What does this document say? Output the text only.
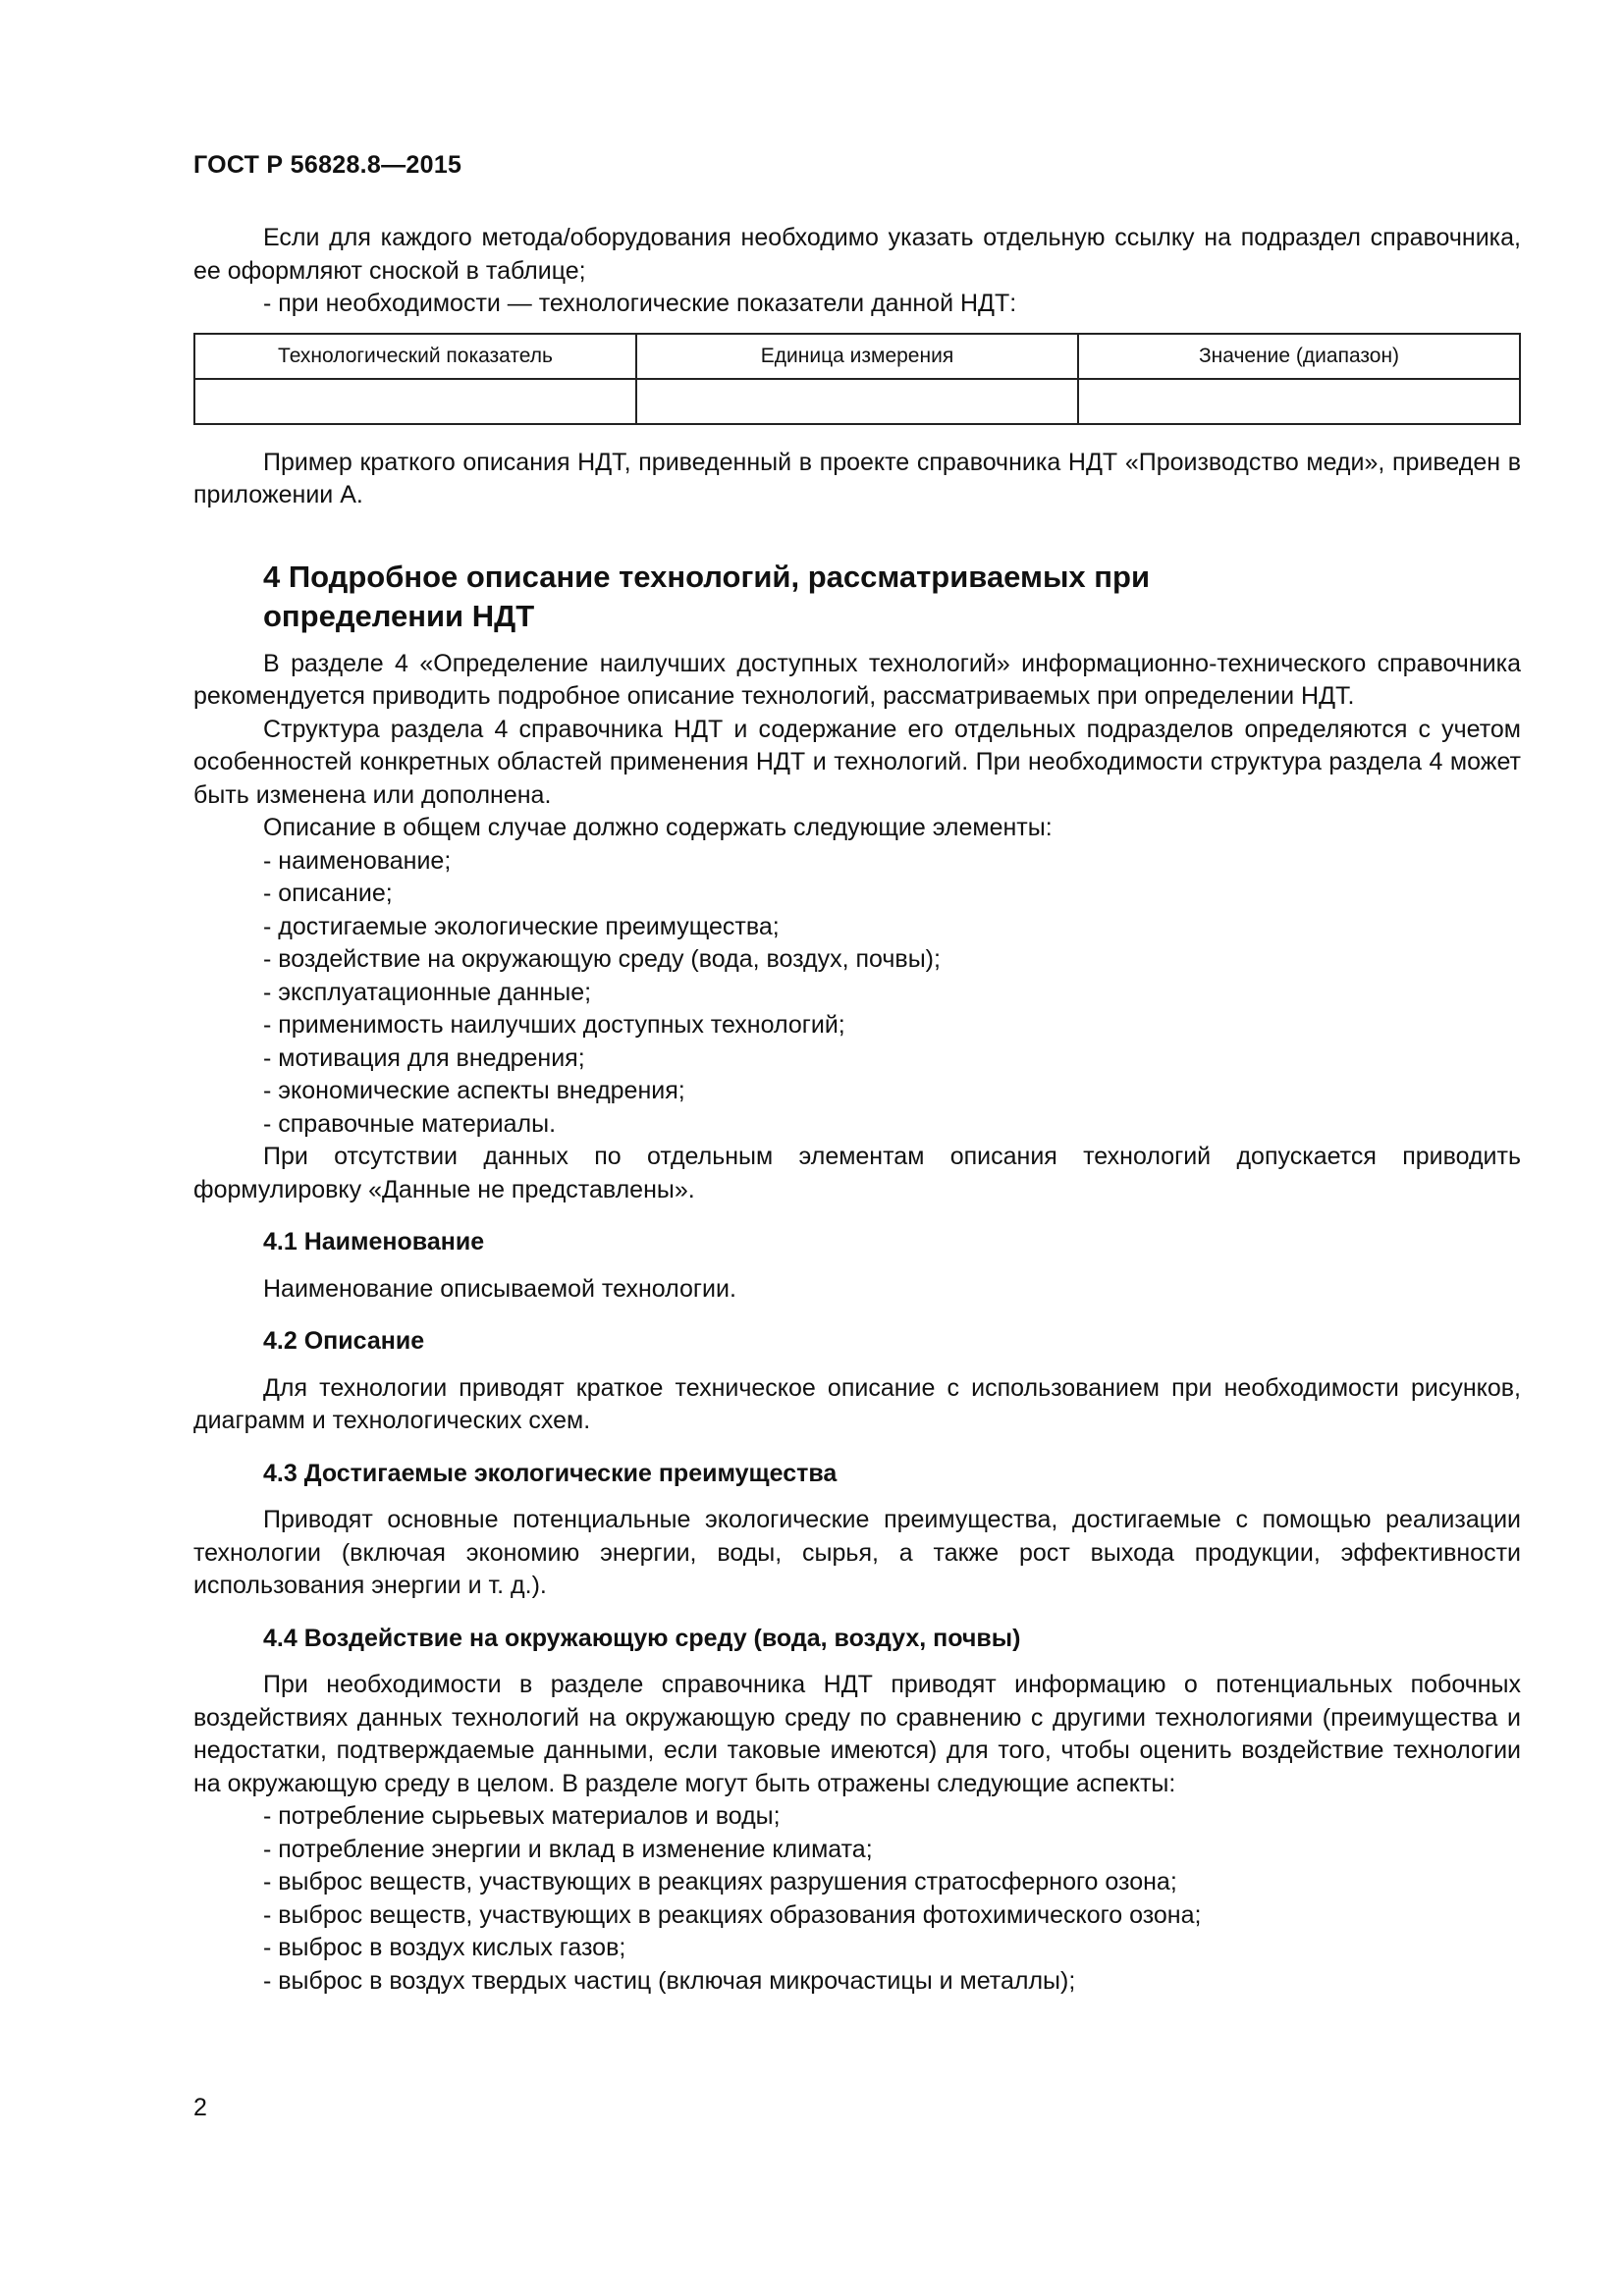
ГОСТ Р 56828.8—2015

Если для каждого метода/оборудования необходимо указать отдельную ссылку на подраздел справочника, ее оформляют сноской в таблице;

- при необходимости — технологические показатели данной НДТ:

Технологический показатель	Единица измерения	Значение (диапазон)

Пример краткого описания НДТ, приведенный в проекте справочника НДТ «Производство меди», приведен в приложении А.

4 Подробное описание технологий, рассматриваемых при определении НДТ

В разделе 4 «Определение наилучших доступных технологий» информационно-технического справочника рекомендуется приводить подробное описание технологий, рассматриваемых при определении НДТ.

Структура раздела 4 справочника НДТ и содержание его отдельных подразделов определяются с учетом особенностей конкретных областей применения НДТ и технологий. При необходимости структура раздела 4 может быть изменена или дополнена.

Описание в общем случае должно содержать следующие элементы:

- наименование;

- описание;

- достигаемые экологические преимущества;

- воздействие на окружающую среду (вода, воздух, почвы);

- эксплуатационные данные;

- применимость наилучших доступных технологий;

- мотивация для внедрения;

- экономические аспекты внедрения;

- справочные материалы.

При отсутствии данных по отдельным элементам описания технологий допускается приводить формулировку «Данные не представлены».

4.1 Наименование

Наименование описываемой технологии.

4.2 Описание

Для технологии приводят краткое техническое описание с использованием при необходимости рисунков, диаграмм и технологических схем.

4.3 Достигаемые экологические преимущества

Приводят основные потенциальные экологические преимущества, достигаемые с помощью реализации технологии (включая экономию энергии, воды, сырья, а также рост выхода продукции, эффективности использования энергии и т. д.).

4.4 Воздействие на окружающую среду (вода, воздух, почвы)

При необходимости в разделе справочника НДТ приводят информацию о потенциальных побочных воздействиях данных технологий на окружающую среду по сравнению с другими технологиями (преимущества и недостатки, подтверждаемые данными, если таковые имеются) для того, чтобы оценить воздействие технологии на окружающую среду в целом. В разделе могут быть отражены следующие аспекты:

- потребление сырьевых материалов и воды;

- потребление энергии и вклад в изменение климата;

- выброс веществ, участвующих в реакциях разрушения стратосферного озона;

- выброс веществ, участвующих в реакциях образования фотохимического озона;

- выброс в воздух кислых газов;

- выброс в воздух твердых частиц (включая микрочастицы и металлы);

2
